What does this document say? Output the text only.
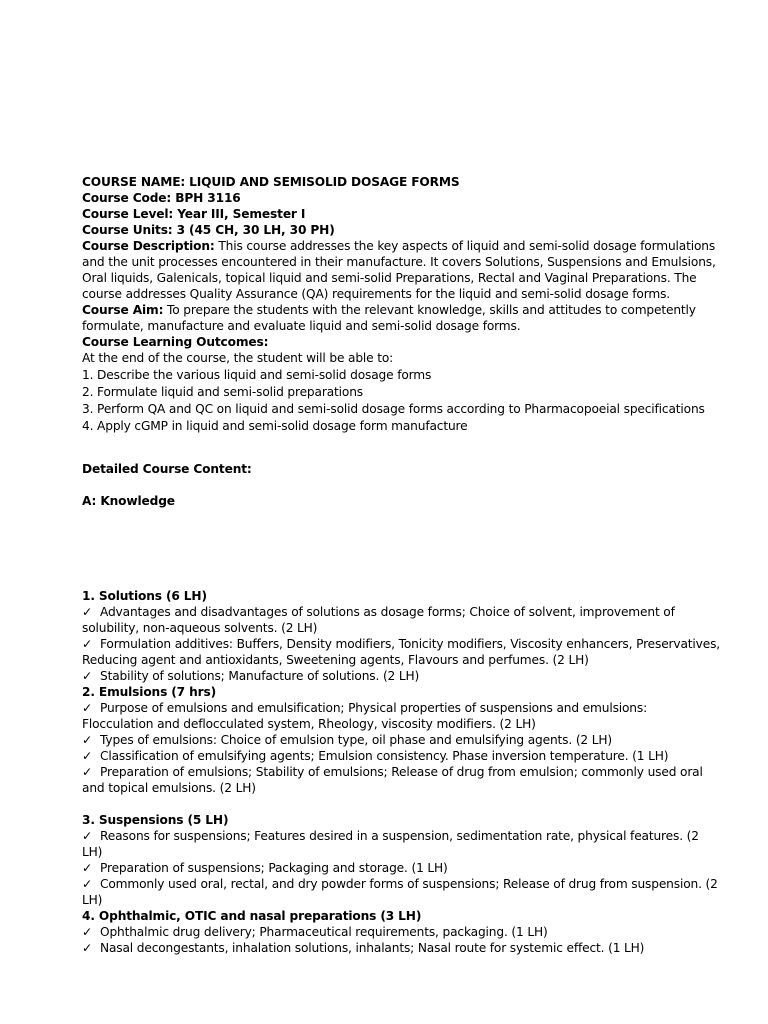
COURSE NAME: LIQUID AND SEMISOLID DOSAGE FORMS
Course Code: BPH 3116
Course Level: Year III, Semester I
Course Units: 3 (45 CH, 30 LH, 30 PH)
Course Description: This course addresses the key aspects of liquid and semi-solid dosage formulations and the unit processes encountered in their manufacture. It covers Solutions, Suspensions and Emulsions, Oral liquids, Galenicals, topical liquid and semi-solid Preparations, Rectal and Vaginal Preparations. The course addresses Quality Assurance (QA) requirements for the liquid and semi-solid dosage forms.
Course Aim: To prepare the students with the relevant knowledge, skills and attitudes to competently formulate, manufacture and evaluate liquid and semi-solid dosage forms.
Course Learning Outcomes:
At the end of the course, the student will be able to:
1. Describe the various liquid and semi-solid dosage forms
2. Formulate liquid and semi-solid preparations
3. Perform QA and QC on liquid and semi-solid dosage forms according to Pharmacopoeial specifications
4. Apply cGMP in liquid and semi-solid dosage form manufacture
Detailed Course Content:
A: Knowledge
1. Solutions (6 LH)
✓ Advantages and disadvantages of solutions as dosage forms; Choice of solvent, improvement of solubility, non-aqueous solvents. (2 LH)
✓ Formulation additives: Buffers, Density modifiers, Tonicity modifiers, Viscosity enhancers, Preservatives, Reducing agent and antioxidants, Sweetening agents, Flavours and perfumes. (2 LH)
✓ Stability of solutions; Manufacture of solutions. (2 LH)
2. Emulsions (7 hrs)
✓ Purpose of emulsions and emulsification; Physical properties of suspensions and emulsions: Flocculation and deflocculated system, Rheology, viscosity modifiers. (2 LH)
✓ Types of emulsions: Choice of emulsion type, oil phase and emulsifying agents. (2 LH)
✓ Classification of emulsifying agents; Emulsion consistency. Phase inversion temperature. (1 LH)
✓ Preparation of emulsions; Stability of emulsions; Release of drug from emulsion; commonly used oral and topical emulsions. (2 LH)
3. Suspensions (5 LH)
✓ Reasons for suspensions; Features desired in a suspension, sedimentation rate, physical features. (2 LH)
✓ Preparation of suspensions; Packaging and storage. (1 LH)
✓ Commonly used oral, rectal, and dry powder forms of suspensions; Release of drug from suspension. (2 LH)
4. Ophthalmic, OTIC and nasal preparations (3 LH)
✓ Ophthalmic drug delivery; Pharmaceutical requirements, packaging. (1 LH)
✓ Nasal decongestants, inhalation solutions, inhalants; Nasal route for systemic effect. (1 LH)
